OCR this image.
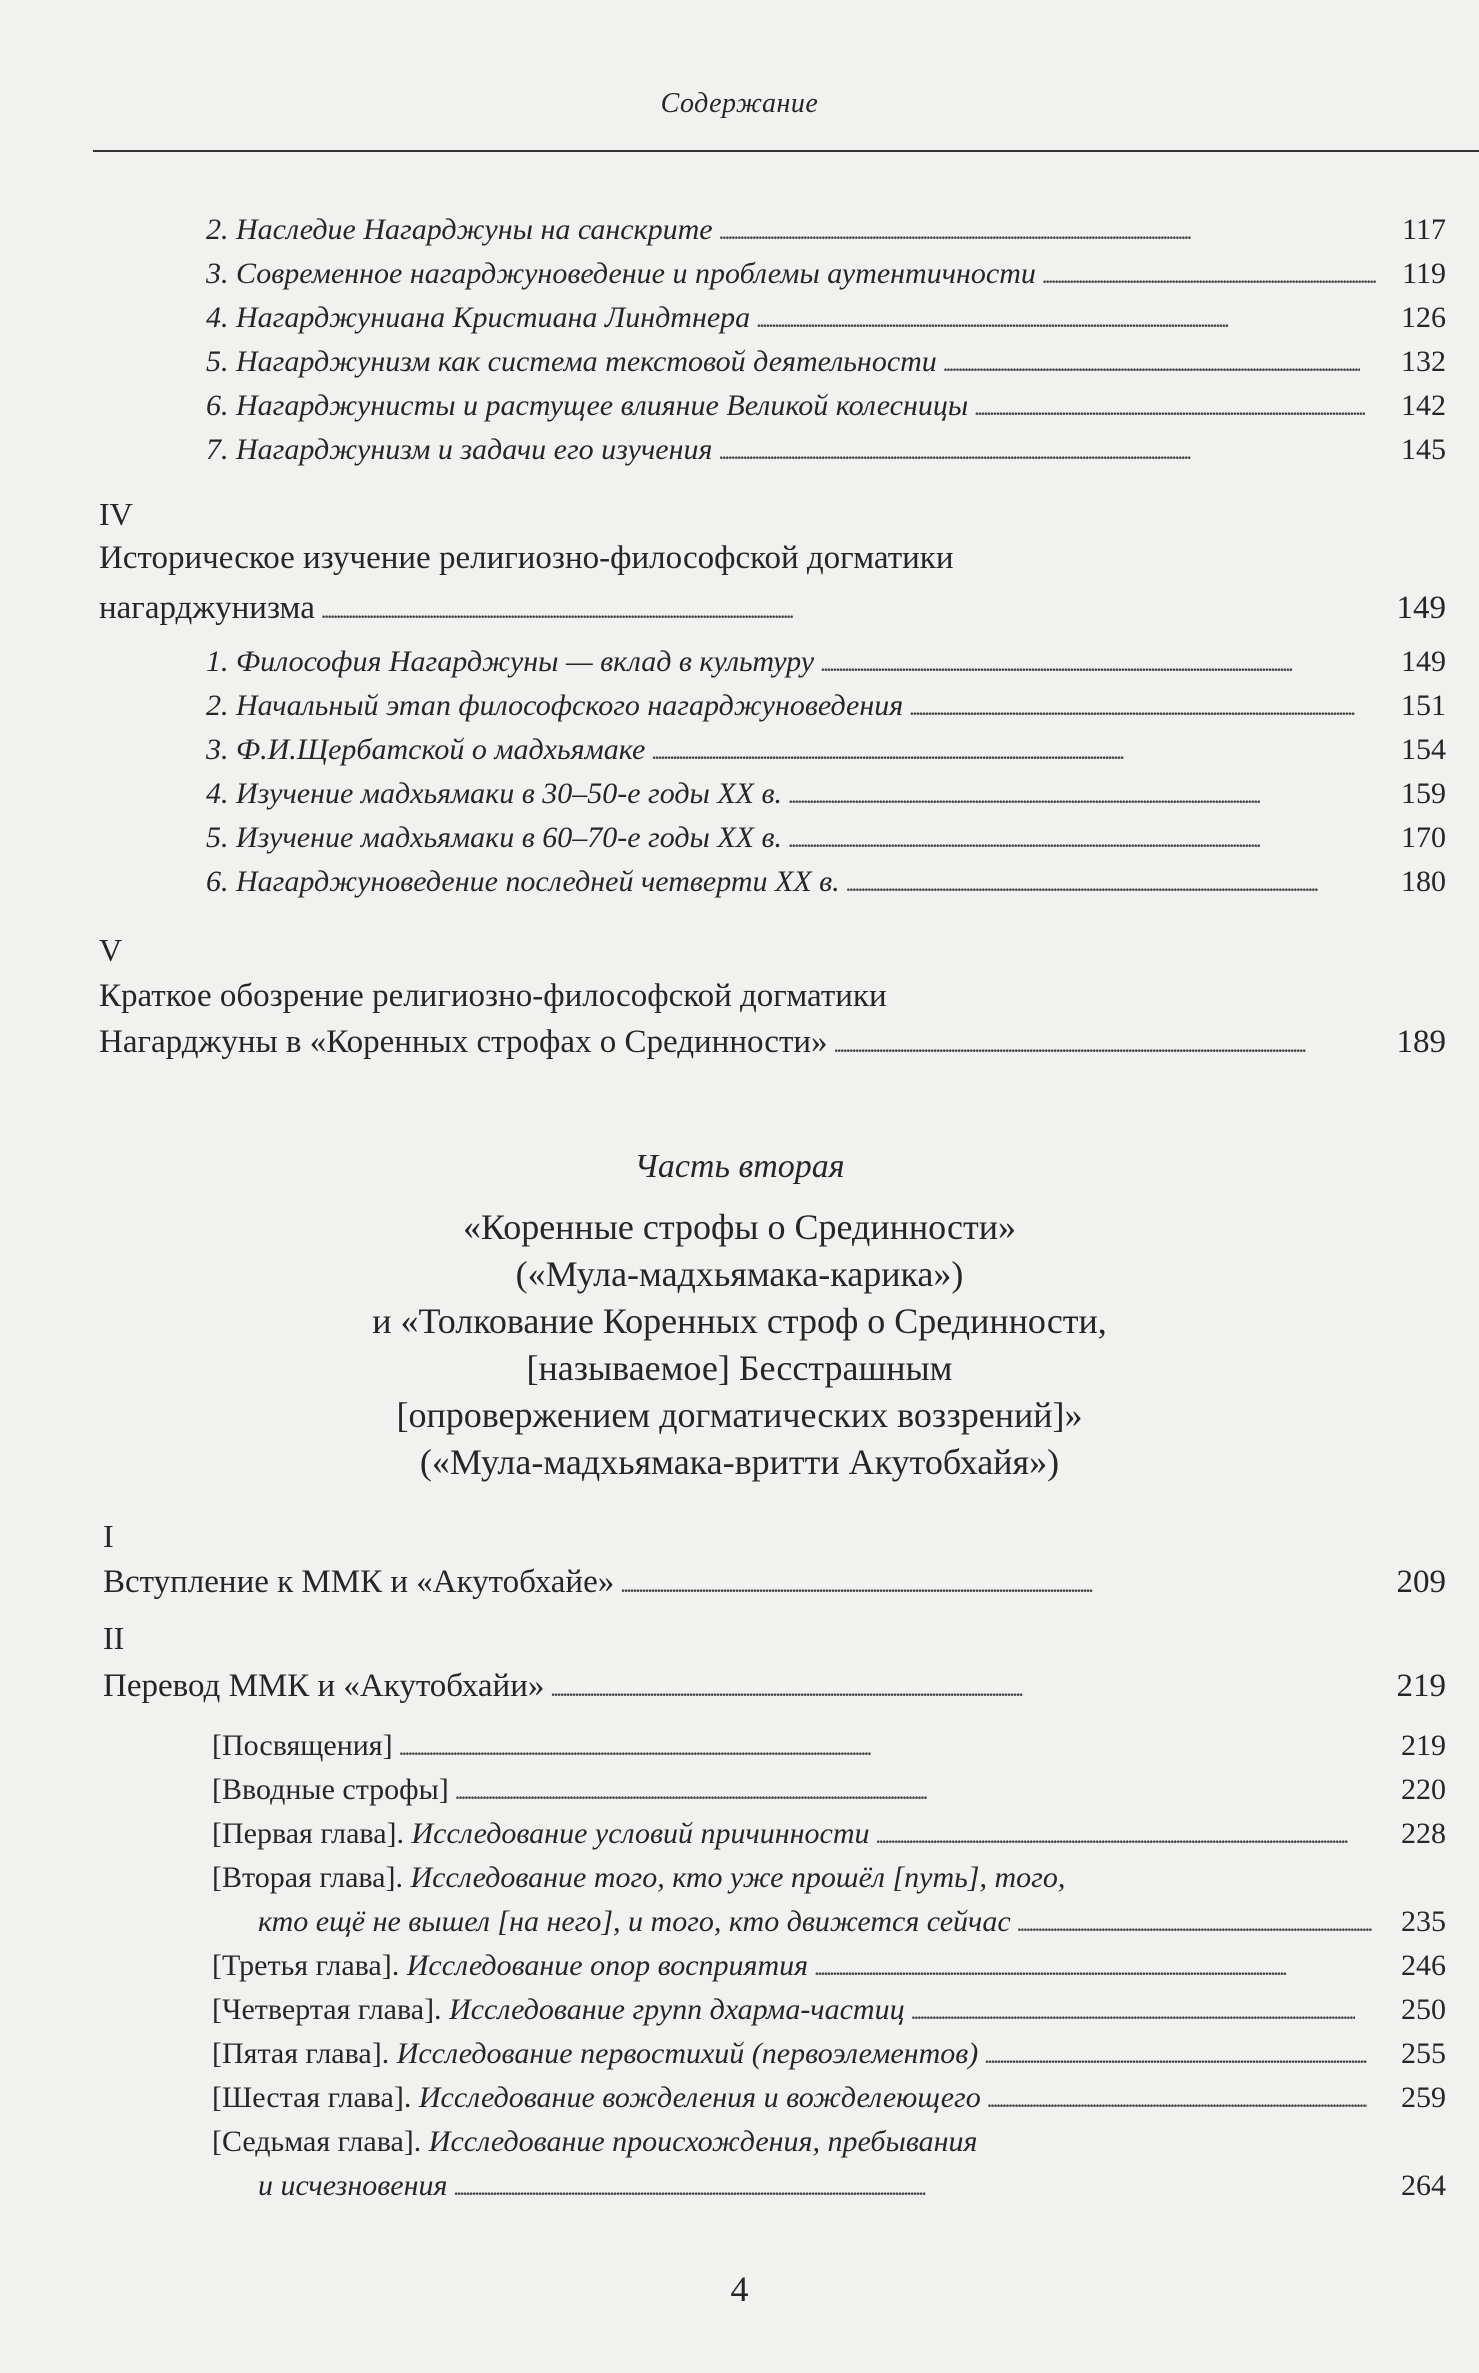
Содержание
2. Наследие Нагарджуны на санскрите . . .	117
3. Современное нагарджуноведение и проблемы аутентичности . . .	119
4. Нагарджуниана Кристиана Линдтнера . . .	126
5. Нагарджунизм как система текстовой деятельности . . .	132
6. Нагарджунисты и растущее влияние Великой колесницы . . .	142
7. Нагарджунизм и задачи его изучения . . .	145
IV
Историческое изучение религиозно-философской догматики
нагарджунизма . . .	149
1. Философия Нагарджуны — вклад в культуру . . .	149
2. Начальный этап философского нагарджуноведения . . .	151
3. Ф.И.Щербатской о мадхьямаке . . .	154
4. Изучение мадхьямаки в 30–50-е годы XX в. . . .	159
5. Изучение мадхьямаки в 60–70-е годы XX в. . . .	170
6. Нагарджуноведение последней четверти XX в. . . .	180
V
Краткое обозрение религиозно-философской догматики
Нагарджуны в «Коренных строфах о Срединности» . . .	189
Часть вторая
«Коренные строфы о Срединности»
(«Мула-мадхьямака-карика»)
и «Толкование Коренных строф о Срединности,
[называемое] Бесстрашным
[опровержением догматических воззрений]»
(«Мула-мадхьямака-вритти Акутобхайя»)
I
Вступление к ММК и «Акутобхайе» . . .	209
II
Перевод ММК и «Акутобхайи» . . .	219
[Посвящения] . . .	219
[Вводные строфы] . . .	220
[Первая глава]. Исследование условий причинности . . .	228
[Вторая глава]. Исследование того, кто уже прошёл [путь], того,
кто ещё не вышел [на него], и того, кто движется сейчас . . .	235
[Третья глава]. Исследование опор восприятия . . .	246
[Четвертая глава]. Исследование групп дхарма-частиц . . .	250
[Пятая глава]. Исследование первостихий (первоэлементов) . . .	255
[Шестая глава]. Исследование вожделения и вожделеющего . . .	259
[Седьмая глава]. Исследование происхождения, пребывания
и исчезновения . . .	264
4
